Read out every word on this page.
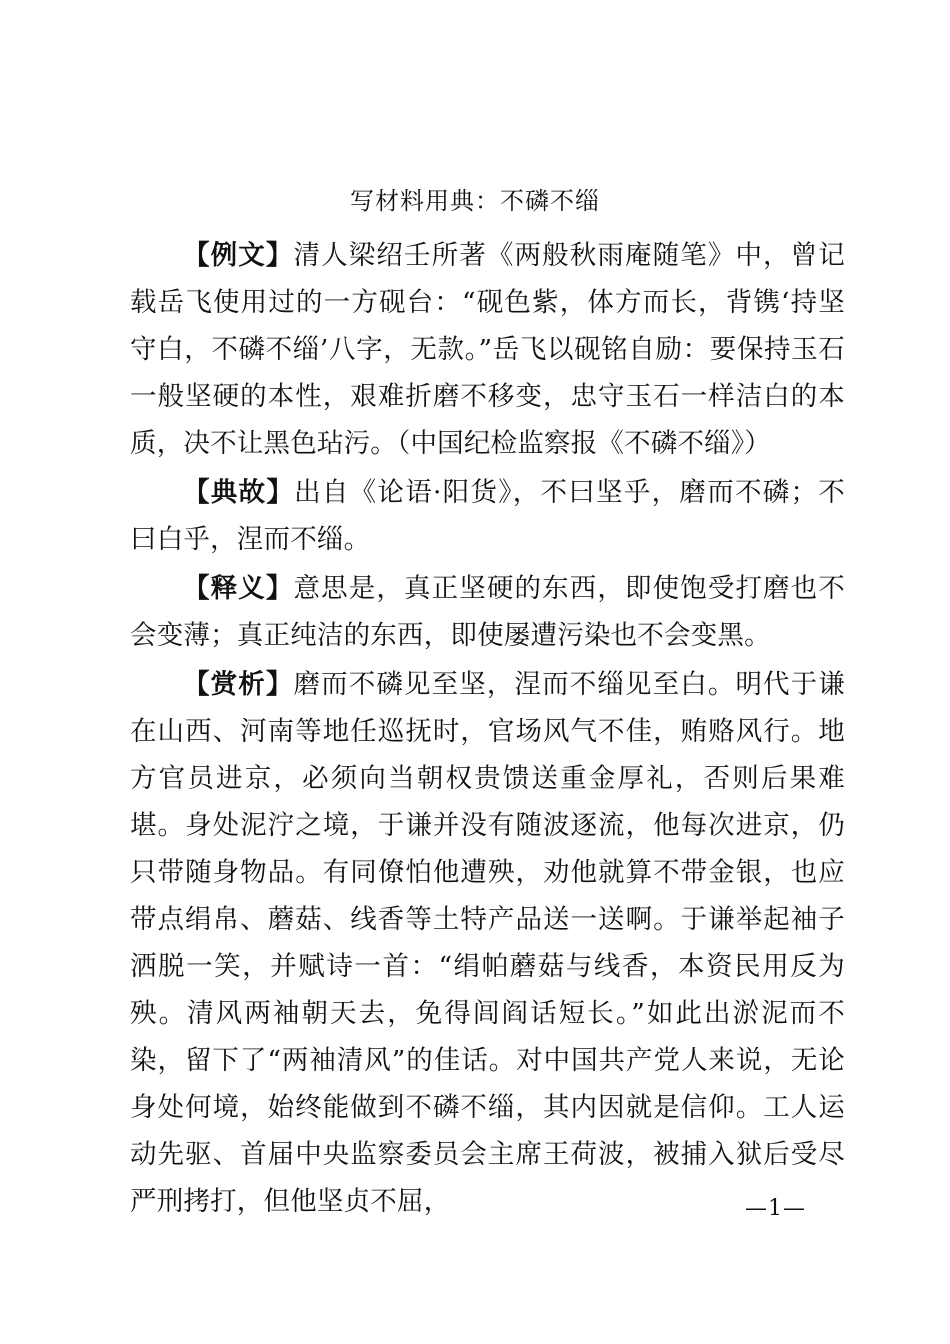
写材料用典：不磷不缁

【例文】清人梁绍壬所著《两般秋雨庵随笔》中，曾记载岳飞使用过的一方砚台：“砚色紫，体方而长，背镌‘持坚守白，不磷不缁’八字，无款。”岳飞以砚铭自励：要保持玉石一般坚硬的本性，艰难折磨不移变，忠守玉石一样洁白的本质，决不让黑色玷污。（中国纪检监察报《不磷不缁》）

【典故】出自《论语·阳货》，不曰坚乎，磨而不磷；不曰白乎，涅而不缁。

【释义】意思是，真正坚硬的东西，即使饱受打磨也不会变薄；真正纯洁的东西，即使屡遭污染也不会变黑。

【赏析】磨而不磷见至坚，涅而不缁见至白。明代于谦在山西、河南等地任巡抚时，官场风气不佳，贿赂风行。地方官员进京，必须向当朝权贵馈送重金厚礼，否则后果难堪。身处泥泞之境，于谦并没有随波逐流，他每次进京，仍只带随身物品。有同僚怕他遭殃，劝他就算不带金银，也应带点绢帛、蘑菇、线香等土特产品送一送啊。于谦举起袖子洒脱一笑，并赋诗一首：“绢帕蘑菇与线香，本资民用反为殃。清风两袖朝天去，免得闾阎话短长。”如此出淤泥而不染，留下了“两袖清风”的佳话。对中国共产党人来说，无论身处何境，始终能做到不磷不缁，其内因就是信仰。工人运动先驱、首届中央监察委员会主席王荷波，被捕入狱后受尽严刑拷打，但他坚贞不屈，	—1—
